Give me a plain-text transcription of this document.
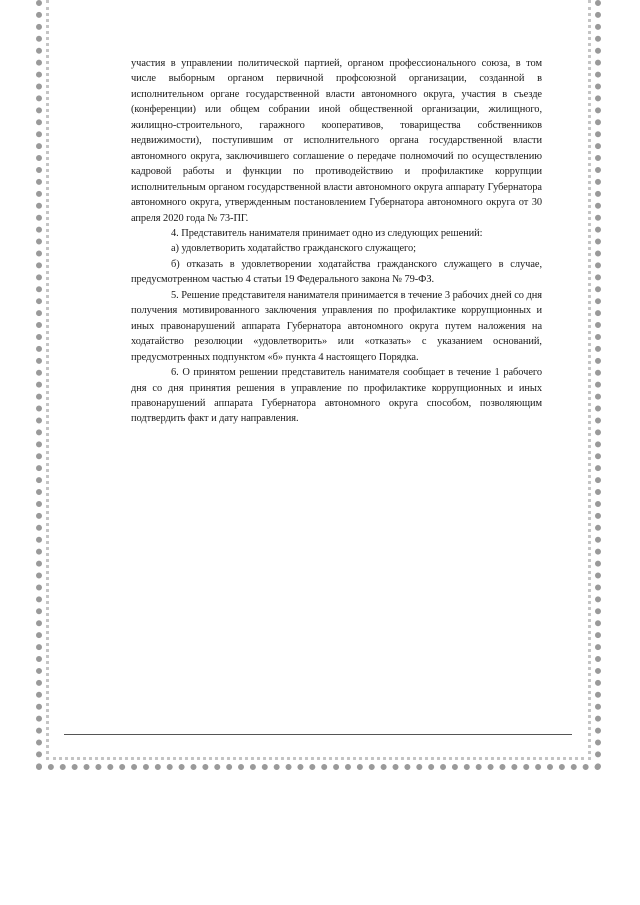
участия в управлении политической партией, органом профессионального союза, в том числе выборным органом первичной профсоюзной организации, созданной в исполнительном органе государственной власти автономного округа, участия в съезде (конференции) или общем собрании иной общественной организации, жилищного, жилищно-строительного, гаражного кооперативов, товарищества собственников недвижимости), поступившим от исполнительного органа государственной власти автономного округа, заключившего соглашение о передаче полномочий по осуществлению кадровой работы и функции по противодействию и профилактике коррупции исполнительным органом государственной власти автономного округа аппарату Губернатора автономного округа, утвержденным постановлением Губернатора автономного округа от 30 апреля 2020 года № 73-ПГ.

4. Представитель нанимателя принимает одно из следующих решений:

а) удовлетворить ходатайство гражданского служащего;

б) отказать в удовлетворении ходатайства гражданского служащего в случае, предусмотренном частью 4 статьи 19 Федерального закона № 79-ФЗ.

5. Решение представителя нанимателя принимается в течение 3 рабочих дней со дня получения мотивированного заключения управления по профилактике коррупционных и иных правонарушений аппарата Губернатора автономного округа путем наложения на ходатайство резолюции «удовлетворить» или «отказать» с указанием оснований, предусмотренных подпунктом «б» пункта 4 настоящего Порядка.

6. О принятом решении представитель нанимателя сообщает в течение 1 рабочего дня со дня принятия решения в управление по профилактике коррупционных и иных правонарушений аппарата Губернатора автономного округа способом, позволяющим подтвердить факт и дату направления.
